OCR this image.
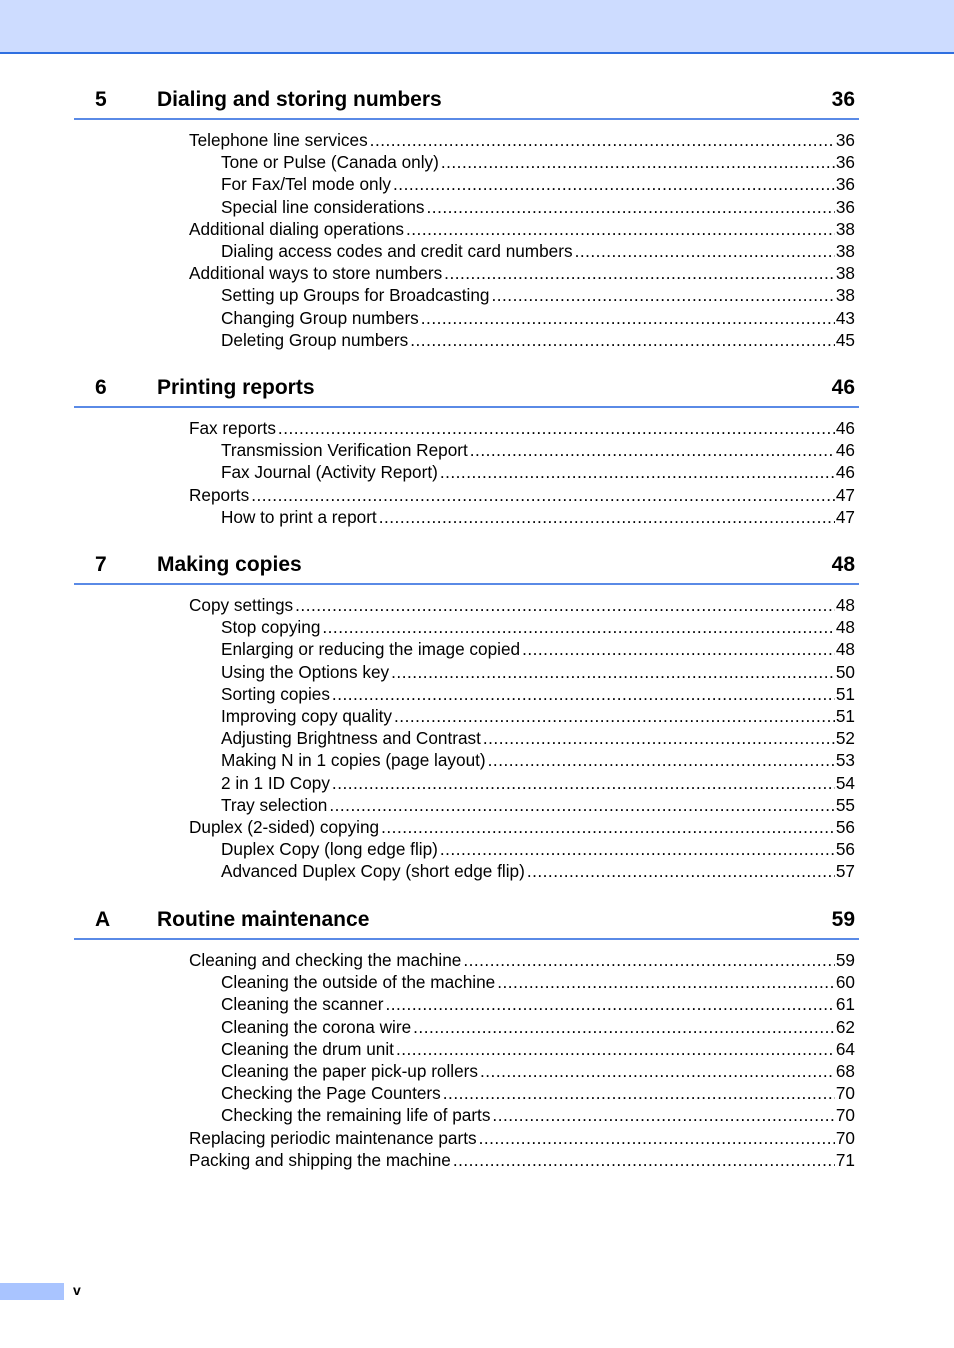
5 Dialing and storing numbers	36
Telephone line services .....	36
Tone or Pulse (Canada only) .....	36
For Fax/Tel mode only .....	36
Special line considerations .....	36
Additional dialing operations .....	38
Dialing access codes and credit card numbers .....	38
Additional ways to store numbers .....	38
Setting up Groups for Broadcasting .....	38
Changing Group numbers .....	43
Deleting Group numbers .....	45
6 Printing reports	46
Fax reports .....	46
Transmission Verification Report .....	46
Fax Journal (Activity Report) .....	46
Reports .....	47
How to print a report .....	47
7 Making copies	48
Copy settings .....	48
Stop copying .....	48
Enlarging or reducing the image copied .....	48
Using the Options key .....	50
Sorting copies .....	51
Improving copy quality .....	51
Adjusting Brightness and Contrast .....	52
Making N in 1 copies (page layout) .....	53
2 in 1 ID Copy .....	54
Tray selection .....	55
Duplex (2-sided) copying .....	56
Duplex Copy (long edge flip) .....	56
Advanced Duplex Copy (short edge flip) .....	57
A Routine maintenance	59
Cleaning and checking the machine .....	59
Cleaning the outside of the machine .....	60
Cleaning the scanner .....	61
Cleaning the corona wire .....	62
Cleaning the drum unit .....	64
Cleaning the paper pick-up rollers .....	68
Checking the Page Counters .....	70
Checking the remaining life of parts .....	70
Replacing periodic maintenance parts .....	70
Packing and shipping the machine .....	71
v
